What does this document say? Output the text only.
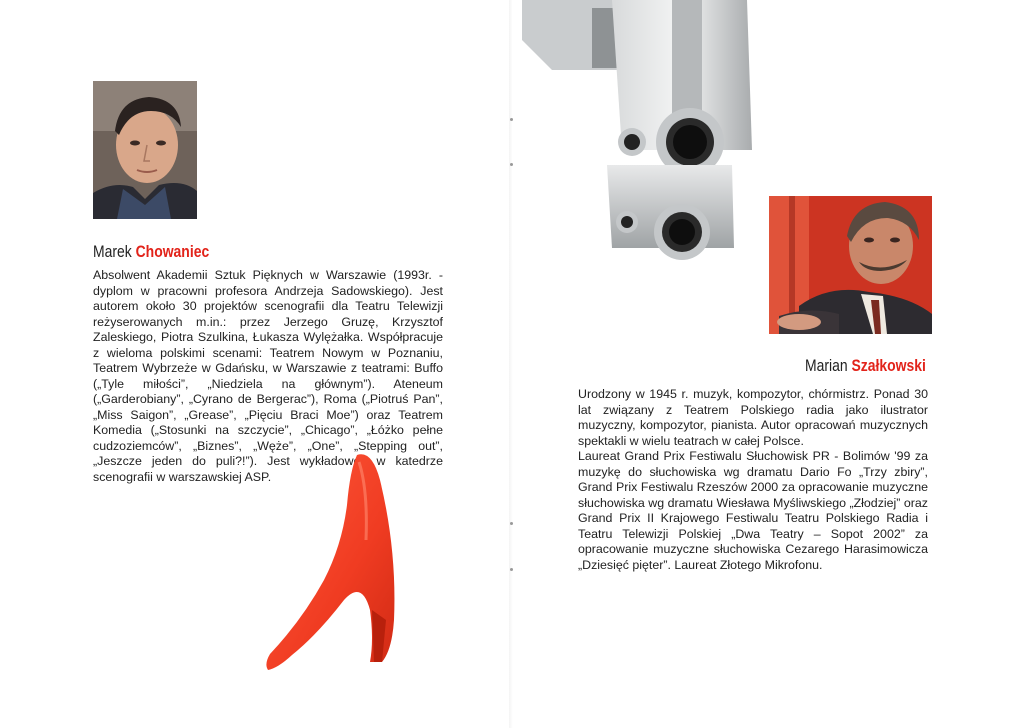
Marek Chowaniec

Absolwent Akademii Sztuk Pięknych w Warszawie (1993r. - dyplom w pracowni profesora Andrzeja Sadowskiego). Jest autorem około 30 projektów scenografii dla Teatru Telewizji reżyserowanych m.in.: przez Jerzego Gruzę, Krzysztof Zaleskiego, Piotra Szulkina, Łukasza Wylężałka. Współpracuje z wieloma polskimi scenami: Teatrem Nowym w Poznaniu, Teatrem Wybrzeże w Gdańsku, w Warszawie z teatrami: Buffo („Tyle miłości”, „Niedziela na głównym”). Ateneum („Garderobiany”, „Cyrano de Bergerac”), Roma („Piotruś Pan”, „Miss Saigon”, „Grease”, „Pięciu Braci Moe”) oraz Teatrem Komedia („Stosunki na szczycie”, „Chicago”, „Łóżko pełne cudzoziemców”, „Biznes”, „Węże”, „One”, „Stepping out”, „Jeszcze jeden do puli?!”). Jest wykładowcą w katedrze scenografii w warszawskiej ASP.

Marian Szałkowski

Urodzony w 1945 r. muzyk, kompozytor, chórmistrz. Ponad 30 lat związany z Teatrem Polskiego radia jako ilustrator muzyczny, kompozytor, pianista. Autor opracowań muzycznych spektakli w wielu teatrach w całej Polsce.

Laureat Grand Prix Festiwalu Słuchowisk PR - Bolimów '99 za muzykę do słuchowiska wg dramatu Dario Fo „Trzy zbiry”, Grand Prix Festiwalu Rzeszów 2000 za opracowanie muzyczne słuchowiska wg dramatu Wiesława Myśliwskiego „Złodziej” oraz Grand Prix II Krajowego Festiwalu Teatru Polskiego Radia i Teatru Telewizji Polskiej „Dwa Teatry – Sopot 2002” za opracowanie muzyczne słuchowiska Cezarego Harasimowicza „Dziesięć pięter”. Laureat Złotego Mikrofonu.
